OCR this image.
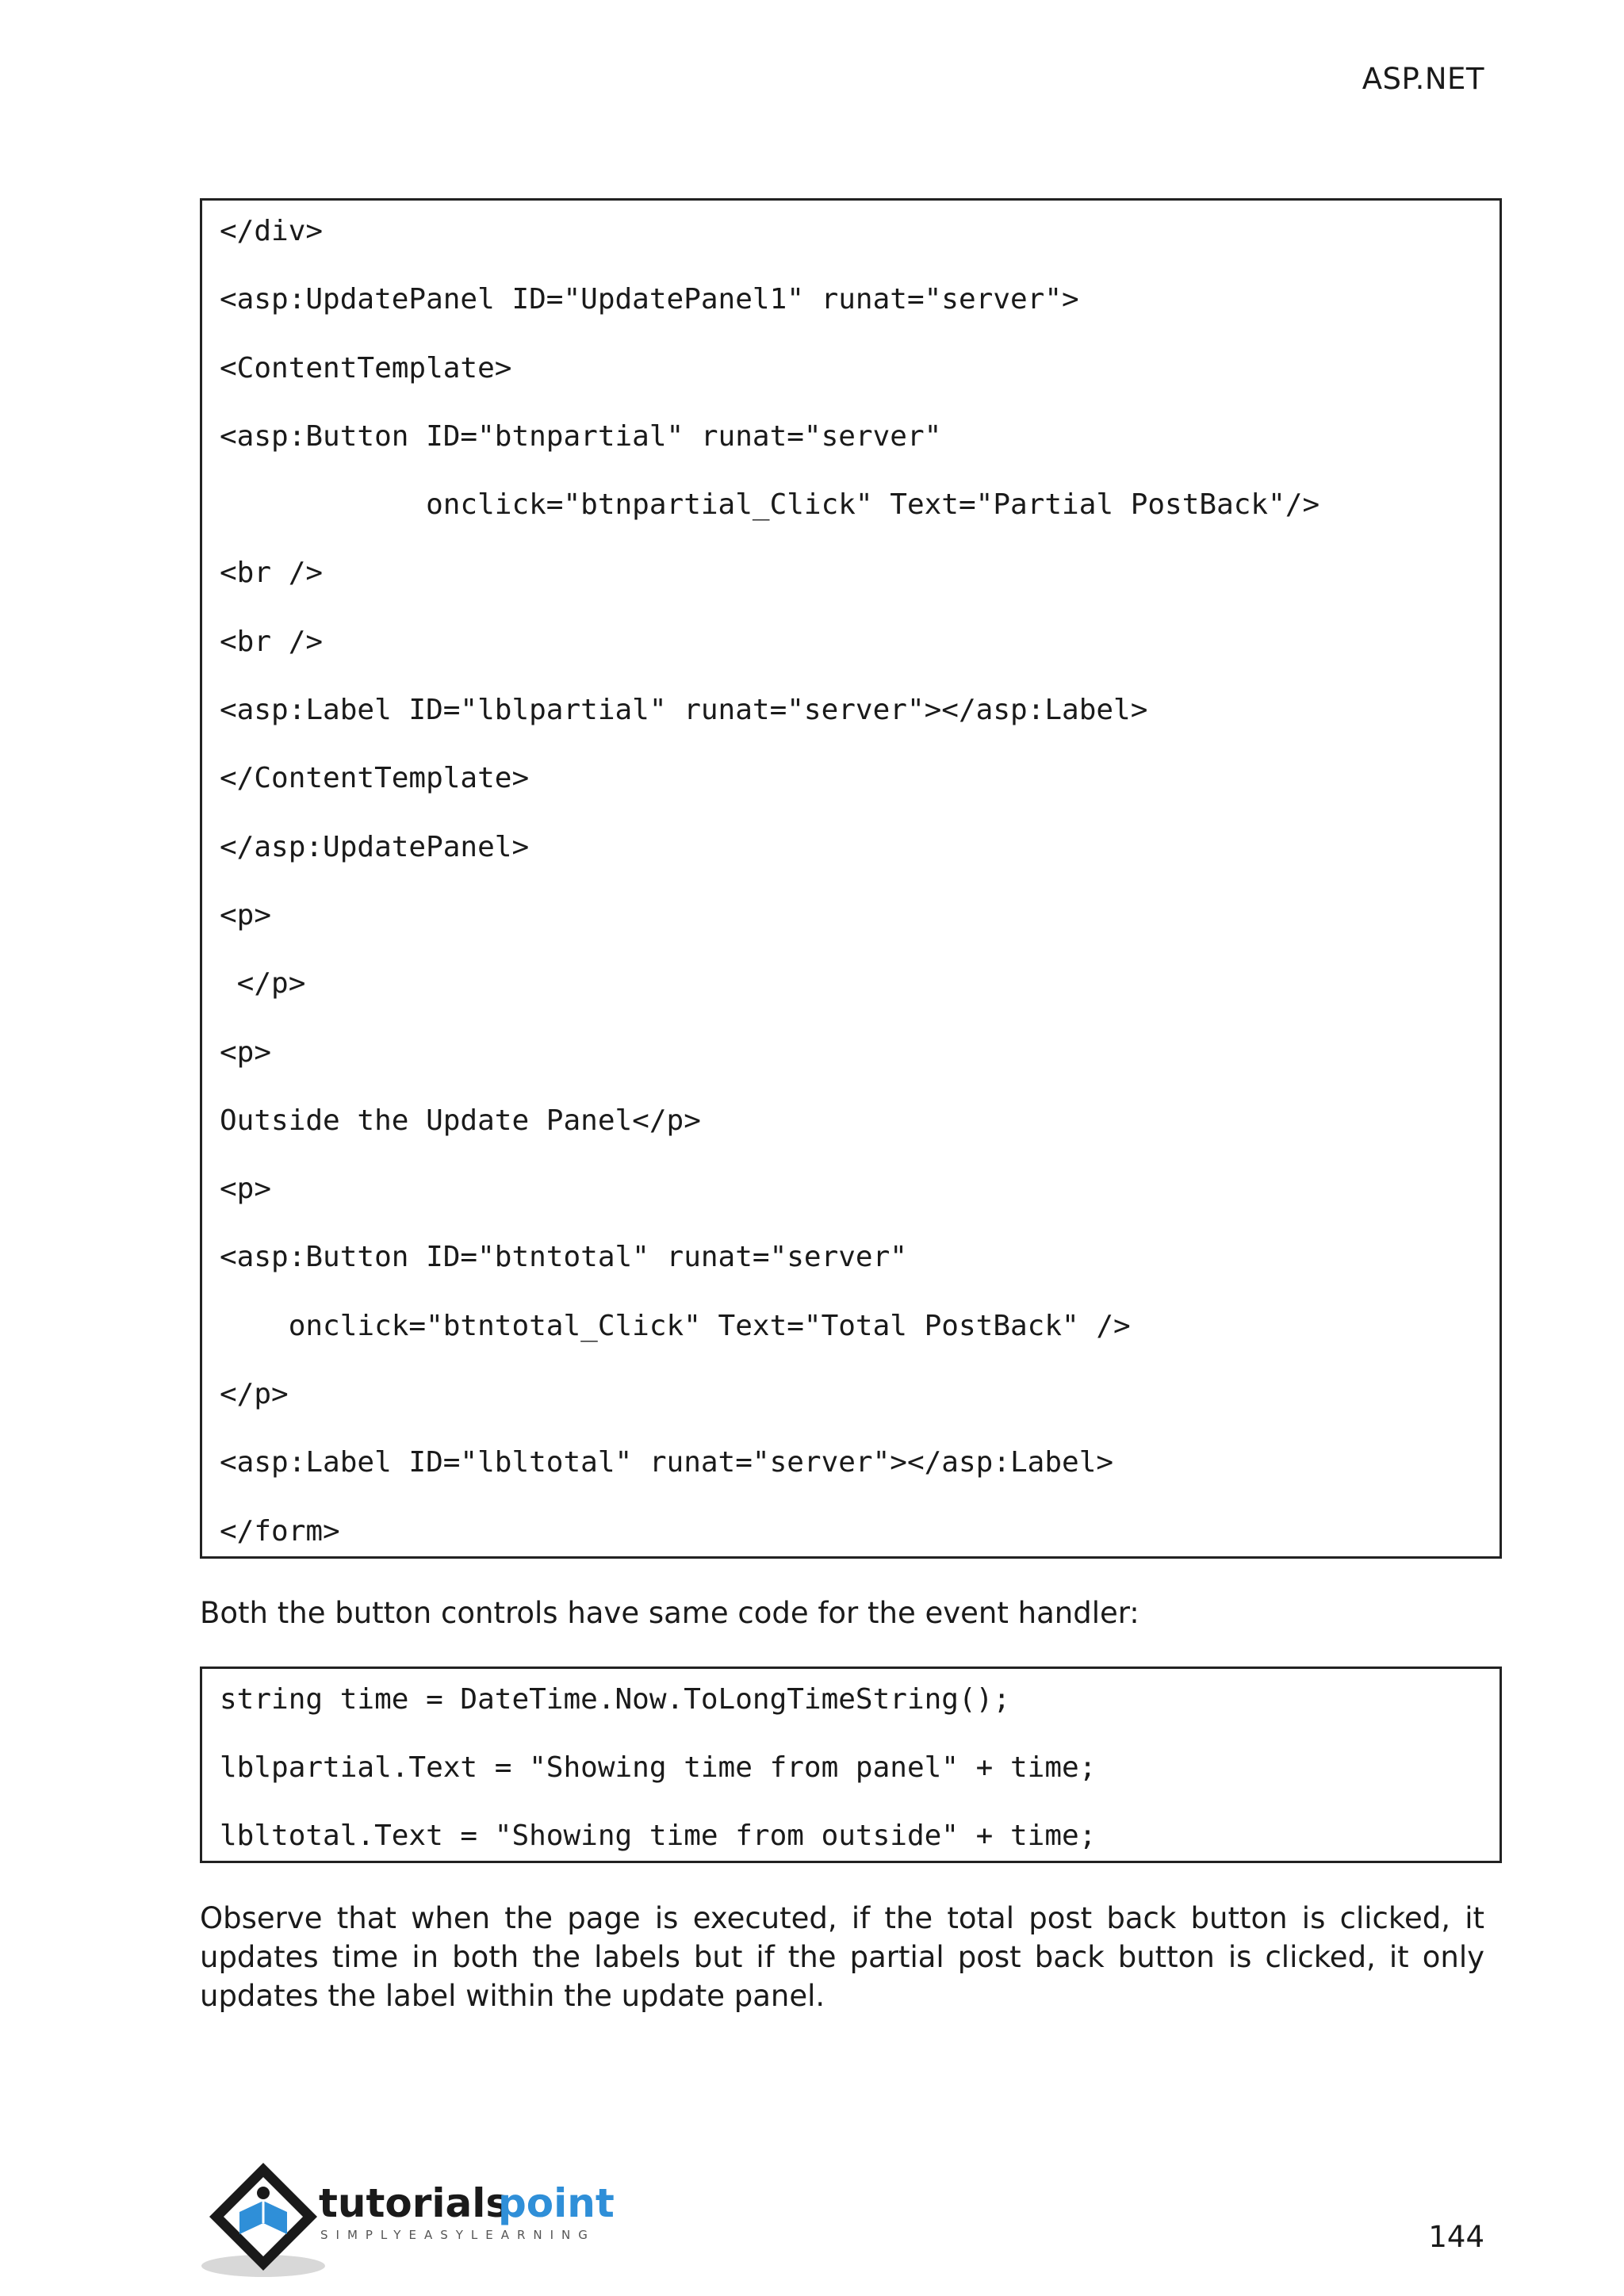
ASP.NET
</div>
<asp:UpdatePanel ID="UpdatePanel1" runat="server">
<ContentTemplate>
<asp:Button ID="btnpartial" runat="server"
onclick="btnpartial_Click" Text="Partial PostBack"/>
<br />
<br />
<asp:Label ID="lblpartial" runat="server"></asp:Label>
</ContentTemplate>
</asp:UpdatePanel>
<p>
</p>
<p>
Outside the Update Panel</p>
<p>
<asp:Button ID="btntotal" runat="server"
onclick="btntotal_Click" Text="Total PostBack" />
</p>
<asp:Label ID="lbltotal" runat="server"></asp:Label>
</form>
Both the button controls have same code for the event handler:
string time = DateTime.Now.ToLongTimeString();
lblpartial.Text = "Showing time from panel" + time;
lbltotal.Text = "Showing time from outside" + time;
Observe that when the page is executed, if the total post back button is clicked, it updates time in both the labels but if the partial post back button is clicked, it only updates the label within the update panel.
tutorials
point
SIMPLYEASYLEARNING	144
